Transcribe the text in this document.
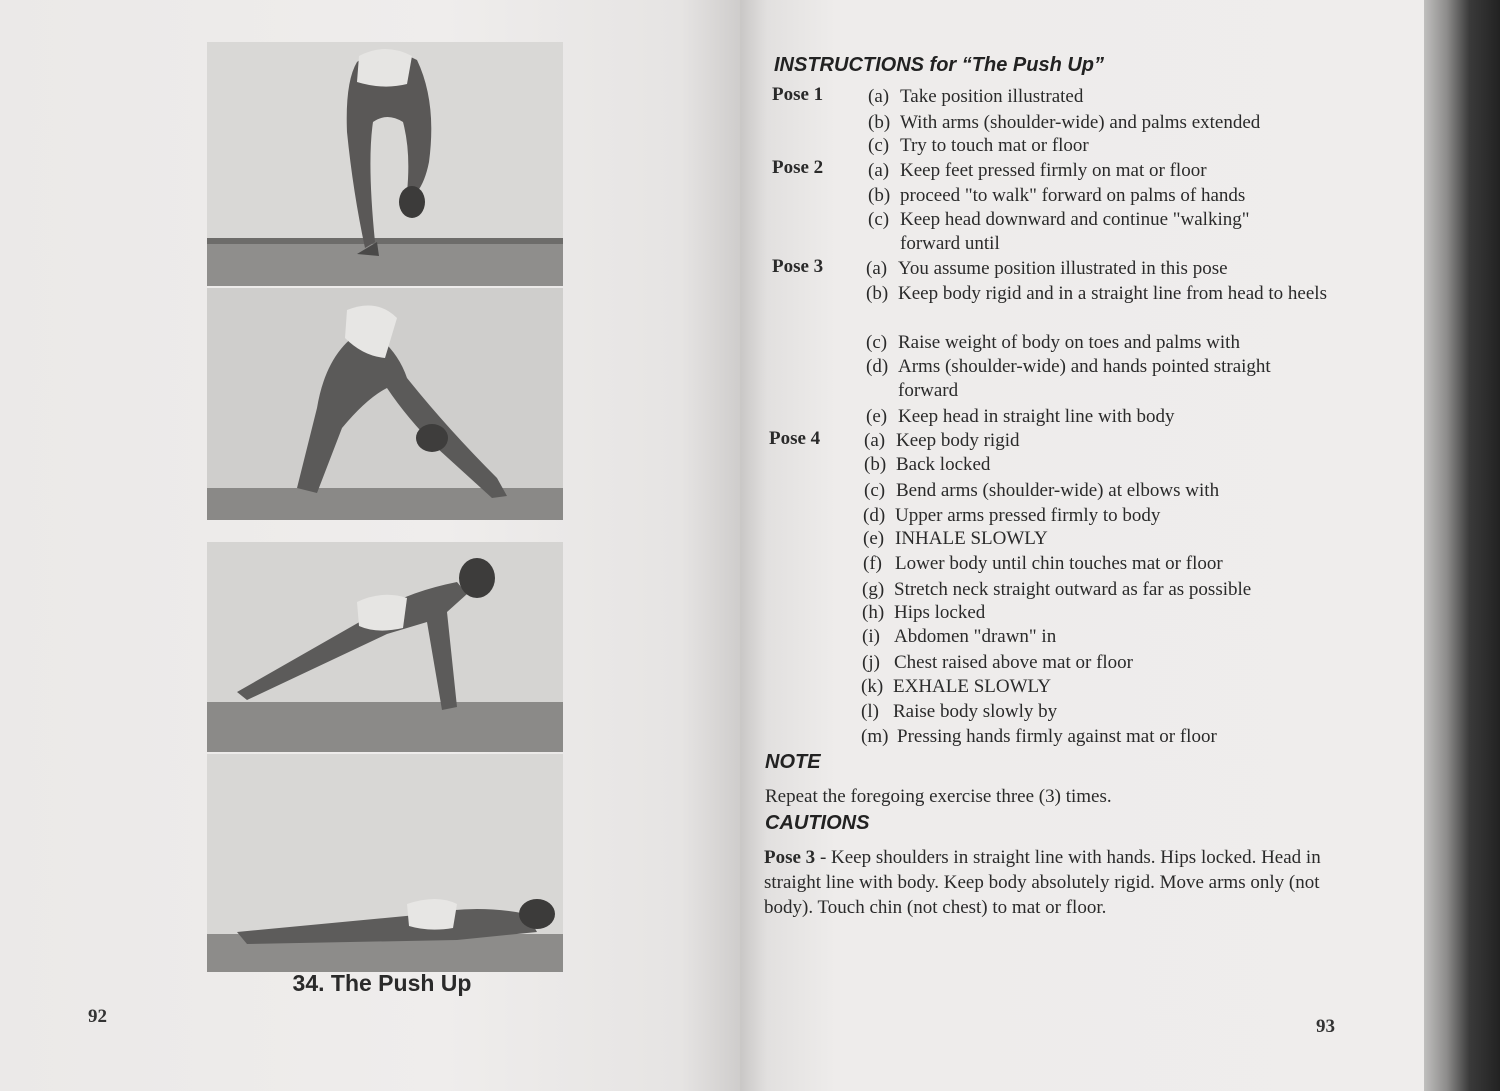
34. The Push Up
92
INSTRUCTIONS for “The Push Up”
Pose 1 (a) Take position illustrated
(b) With arms (shoulder-wide) and palms extended
(c) Try to touch mat or floor
Pose 2 (a) Keep feet pressed firmly on mat or floor
(b) proceed "to walk" forward on palms of hands
(c) Keep head downward and continue "walking" forward until
Pose 3 (a) You assume position illustrated in this pose
(b) Keep body rigid and in a straight line from head to heels
(c) Raise weight of body on toes and palms with
(d) Arms (shoulder-wide) and hands pointed straight forward
(e) Keep head in straight line with body
Pose 4 (a) Keep body rigid
(b) Back locked
(c) Bend arms (shoulder-wide) at elbows with
(d) Upper arms pressed firmly to body
(e) INHALE SLOWLY
(f) Lower body until chin touches mat or floor
(g) Stretch neck straight outward as far as possible
(h) Hips locked
(i) Abdomen "drawn" in
(j) Chest raised above mat or floor
(k) EXHALE SLOWLY
(l) Raise body slowly by
(m) Pressing hands firmly against mat or floor
NOTE
Repeat the foregoing exercise three (3) times.
CAUTIONS
Pose 3 - Keep shoulders in straight line with hands. Hips locked. Head in straight line with body. Keep body absolutely rigid. Move arms only (not body). Touch chin (not chest) to mat or floor.
93
